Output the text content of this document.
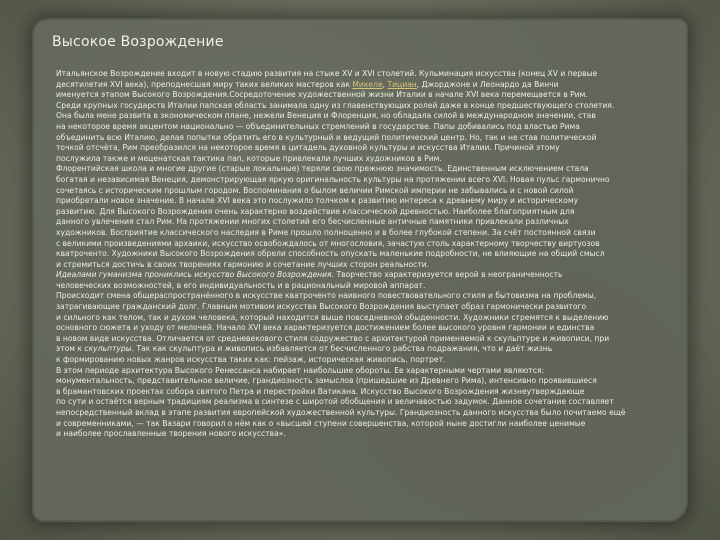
Высокое Возрождение
Итальянское Возрождение входит в новую стадию развития на стыке XV и XVI столетий. Кульминация искусства (конец XV и первые
десятилетия XVI века), преподнесшая миру таких великих мастеров как Микеле, Тициан, Джорджоне и Леонардо да Винчи
именуется этапом Высокого Возрождения.Сосредоточение художественной жизни Италии в начале XVI века перемещается в Рим.
Среди крупных государств Италии папская область занимала одну из главенствующих ролей даже в конце предшествующего столетия.
Она была мене развита в экономическом плане, нежели Венеция и Флоренция, но обладала силой в международном значении, став
на некоторое время акцентом национально — объединительных стремлений в государстве. Папы добивались под властью Рима
объединить всю Италию, делая попытки обратить его в культурный и ведущий политический центр. Но, так и не став политической
точкой отсчёта, Рим преобразился на некоторое время в цитадель духовной культуры и искусства Италии. Причиной этому
послужила также и меценатская тактика пап, которые привлекали лучших художников в Рим.
Флорентийская школа и многие другие (старые локальные) теряли свою прежнюю значимость. Единственным исключением стала
богатая и независимая Венеция, демонстрирующая яркую оригинальность культуры на протяжении всего XVI. Новая пульс гармонично
сочетаясь с историческим прошлым городом. Воспоминания о былом величии Римской империи не забывались и с новой силой
приобретали новое значение. В начале XVI века это послужило толчком к развитию интереса к древнему миру и историческому
развитию. Для Высокого Возрождения очень характерно воздействие классической древностью. Наиболее благоприятным для
данного увлечения стал Рим. На протяжении многих столетий его бесчисленные античные памятники привлекали различных
художников. Восприятие классического наследия в Риме прошло полноценно и в более глубокой степени. За счёт постоянной связи
с великими произведениями архаики, искусство освобождалось от многословия, зачастую столь характерному творчеству виртуозов
кватроченто. Художники Высокого Возрождения обрели способность опускать маленькие подробности, не влияющие на общий смысл
и стремиться достичь в своих творениях гармонию и сочетание лучших сторон реальности.
Идеалами гуманизма прониклись искусство Высокого Возрождения. Творчество характеризуется верой в неограниченность
человеческих возможностей, в его индивидуальность и в рациональный мировой аппарат.
Происходит смена общераспространённого в искусстве кватроченто наивного повествовательного стиля и бытовизма на проблемы,
затрагивающие гражданский долг. Главным мотивом искусства Высокого Возрождения выступает образ гармонически развитого
и сильного как телом, так и духом человека, который находится выше повседневной обыденности. Художники стремятся к выделению
основного сюжета и уходу от мелочей. Начало XVI века характеризуется достижением более высокого уровня гармонии и единства
в новом виде искусства. Отличается от средневекового стиля содружество с архитектурой применяемой к скульптуре и живописи, при
этом к скульптуры. Так как скульптура и живопись избавляется от бесчисленного рабства подражания, что и даёт жизнь
к формированию новых жанров искусства таких как: пейзаж, историческая живопись, портрет.
В этом периоде архитектура Высокого Ренессанса набирает наибольшие обороты. Ее характерными чертами являются:
монументальность, представительное величие, грандиозность замыслов (пришедшие из Древнего Рима), интенсивно проявившиеся
в брамантовских проектах собора святого Петра и перестройки Ватикана. Искусство Высокого Возрождения жизнеутверждающе
по сути и остаётся верным традициям реализма в синтезе с широтой обобщения и величавостью задумок. Данное сочетание составляет
непосредственный вклад в этапе развития европейской художественной культуры. Грандиозность данного искусства было почитаемо ещё
и современниками, — так Вазари говорил о нём как о «высшей ступени совершенства, которой ныне достигли наиболее ценимые
и наиболее прославленные творения нового искусства».
